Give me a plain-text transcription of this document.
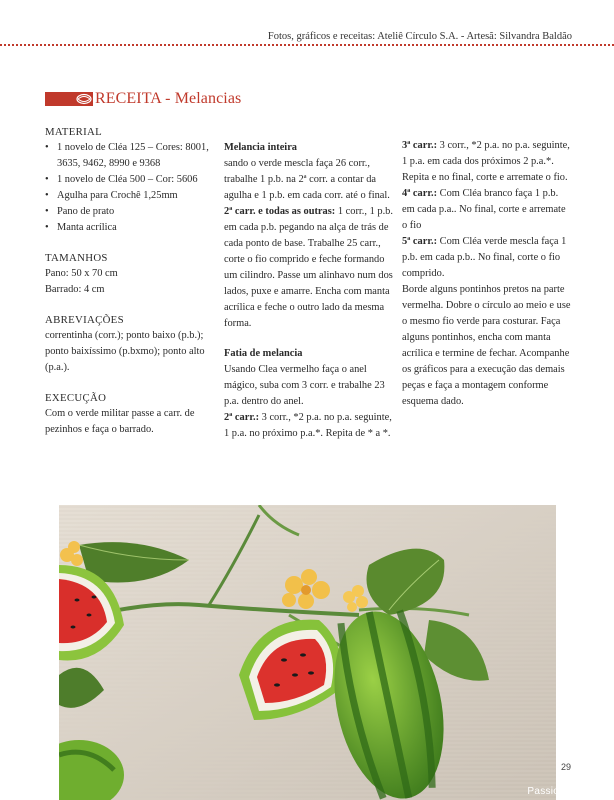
Fotos, gráficos e receitas: Ateliê Círculo S.A. - Artesã: Silvandra Baldão
RECEITA - Melancias

MATERIAL

• 1 novelo de Cléa 125 – Cores: 8001, 3635, 9462, 8990 e 9368
• 1 novelo de Cléa 500 – Cor: 5606
• Agulha para Crochê 1,25mm
• Pano de prato
• Manta acrílica

TAMANHOS

Pano: 50 x 70 cm

Barrado: 4 cm

ABREVIAÇÕES

correntinha (corr.); ponto baixo (p.b.); ponto baixíssimo (p.bxmo); ponto alto (p.a.).

EXECUÇÃO

Com o verde militar passe a carr. de pezinhos e faça o barrado.

Melancia inteira

sando o verde mescla faça 26 corr., trabalhe 1 p.b. na 2ª corr. a contar da agulha e 1 p.b. em cada corr. até o final.

2ª carr. e todas as outras: 1 corr., 1 p.b. em cada p.b. pegando na alça de trás de cada ponto de base. Trabalhe 25 carr., corte o fio comprido e feche formando um cilindro. Passe um alinhavo num dos lados, puxe e amarre. Encha com manta acrílica e feche o outro lado da mesma forma.

Fatia de melancia

Usando Clea vermelho faça o anel mágico, suba com 3 corr. e trabalhe 23 p.a. dentro do anel.

2ª carr.: 3 corr., *2 p.a. no p.a. seguinte, 1 p.a. no próximo p.a.*. Repita de * a *.

3ª carr.: 3 corr., *2 p.a. no p.a. seguinte, 1 p.a. em cada dos próximos 2 p.a.*. Repita e no final, corte e arremate o fio.

4ª carr.: Com Cléa branco faça 1 p.b. em cada p.a.. No final, corte e arremate o fio

5ª carr.: Com Cléa verde mescla faça 1 p.b. em cada p.b.. No final, corte o fio comprido.

Borde alguns pontinhos pretos na parte vermelha. Dobre o círculo ao meio e use o mesmo fio verde para costurar. Faça alguns pontinhos, encha com manta acrílica e termine de fechar. Acompanhe os gráficos para a execução das demais peças e faça a montagem conforme esquema dado.

29
PassionForum.ru
